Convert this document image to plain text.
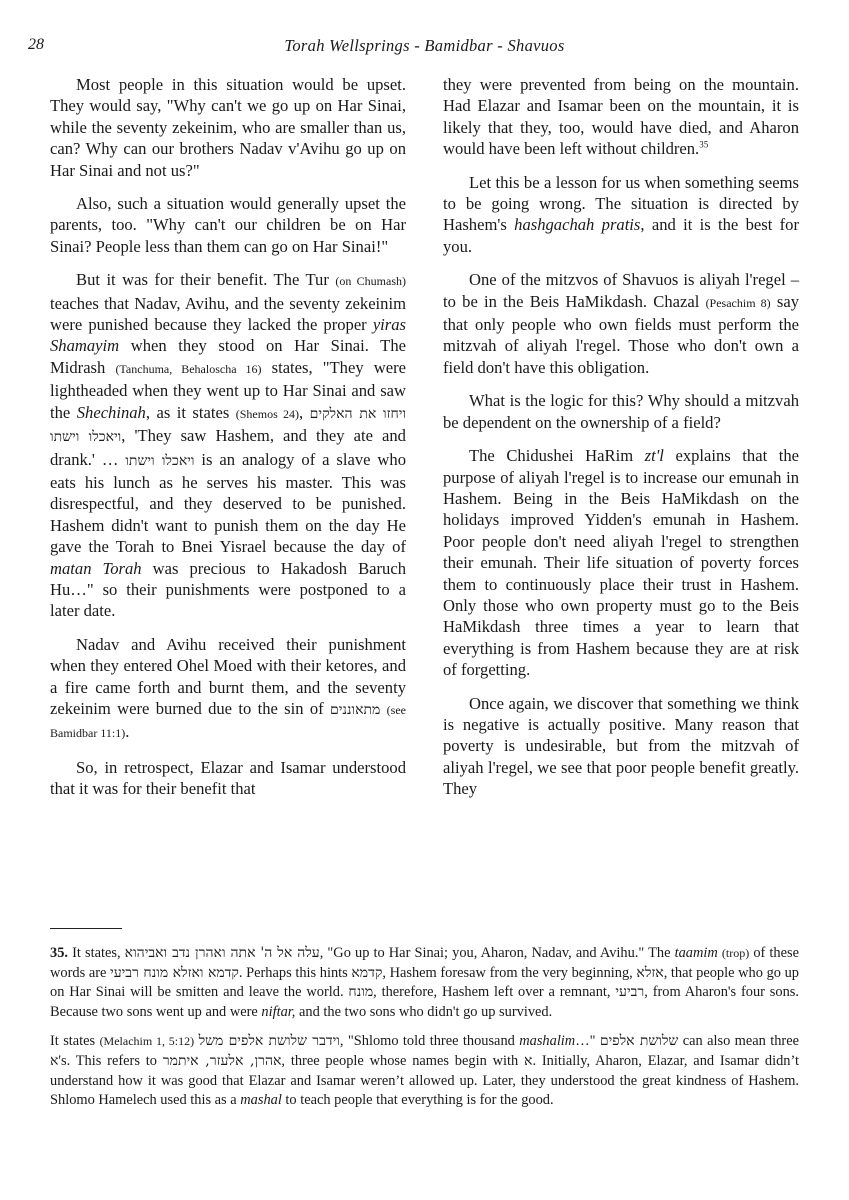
28	Torah Wellsprings - Bamidbar - Shavuos

Most people in this situation would be upset. They would say, "Why can't we go up on Har Sinai, while the seventy zekeinim, who are smaller than us, can? Why can our brothers Nadav v'Avihu go up on Har Sinai and not us?"

Also, such a situation would generally upset the parents, too. "Why can't our children be on Har Sinai? People less than them can go on Har Sinai!"

But it was for their benefit. The Tur (on Chumash) teaches that Nadav, Avihu, and the seventy zekeinim were punished because they lacked the proper yiras Shamayim when they stood on Har Sinai. The Midrash (Tanchuma, Behaloscha 16) states, "They were lightheaded when they went up to Har Sinai and saw the Shechinah, as it states (Shemos 24), ויחזו את האלקים ויאכלו וישתו, 'They saw Hashem, and they ate and drank.' … ויאכלו וישתו is an analogy of a slave who eats his lunch as he serves his master. This was disrespectful, and they deserved to be punished. Hashem didn't want to punish them on the day He gave the Torah to Bnei Yisrael because the day of matan Torah was precious to Hakadosh Baruch Hu…" so their punishments were postponed to a later date.

Nadav and Avihu received their punishment when they entered Ohel Moed with their ketores, and a fire came forth and burnt them, and the seventy zekeinim were burned due to the sin of מתאוננים (see Bamidbar 11:1).

So, in retrospect, Elazar and Isamar understood that it was for their benefit that

they were prevented from being on the mountain. Had Elazar and Isamar been on the mountain, it is likely that they, too, would have died, and Aharon would have been left without children.$^{35}$

Let this be a lesson for us when something seems to be going wrong. The situation is directed by Hashem's hashgachah pratis, and it is the best for you.

One of the mitzvos of Shavuos is aliyah l'regel – to be in the Beis HaMikdash. Chazal (Pesachim 8) say that only people who own fields must perform the mitzvah of aliyah l'regel. Those who don't own a field don't have this obligation.

What is the logic for this? Why should a mitzvah be dependent on the ownership of a field?

The Chidushei HaRim zt'l explains that the purpose of aliyah l'regel is to increase our emunah in Hashem. Being in the Beis HaMikdash on the holidays improved Yidden's emunah in Hashem. Poor people don't need aliyah l'regel to strengthen their emunah. Their life situation of poverty forces them to continuously place their trust in Hashem. Only those who own property must go to the Beis HaMikdash three times a year to learn that everything is from Hashem because they are at risk of forgetting.

Once again, we discover that something we think is negative is actually positive. Many reason that poverty is undesirable, but from the mitzvah of aliyah l'regel, we see that poor people benefit greatly. They

35. It states, עלה אל ה' אתה ואהרן נדב ואביהוא, "Go up to Har Sinai; you, Aharon, Nadav, and Avihu." The taamim (trop) of these words are קדמא ואזלא מונח רביעי. Perhaps this hints קדמא, Hashem foresaw from the very beginning, אזלא, that people who go up on Har Sinai will be smitten and leave the world. מונח, therefore, Hashem left over a remnant, רביעי, from Aharon's four sons. Because two sons went up and were niftar, and the two sons who didn't go up survived.

It states (Melachim 1, 5:12) וידבר שלושת אלפים משל, "Shlomo told three thousand mashalim…" שלושת אלפים can also mean three א's. This refers to אהרן, אלעזר, איתמר, three people whose names begin with א. Initially, Aharon, Elazar, and Isamar didn’t understand how it was good that Elazar and Isamar weren’t allowed up. Later, they understood the great kindness of Hashem. Shlomo Hamelech used this as a mashal to teach people that everything is for the good.
